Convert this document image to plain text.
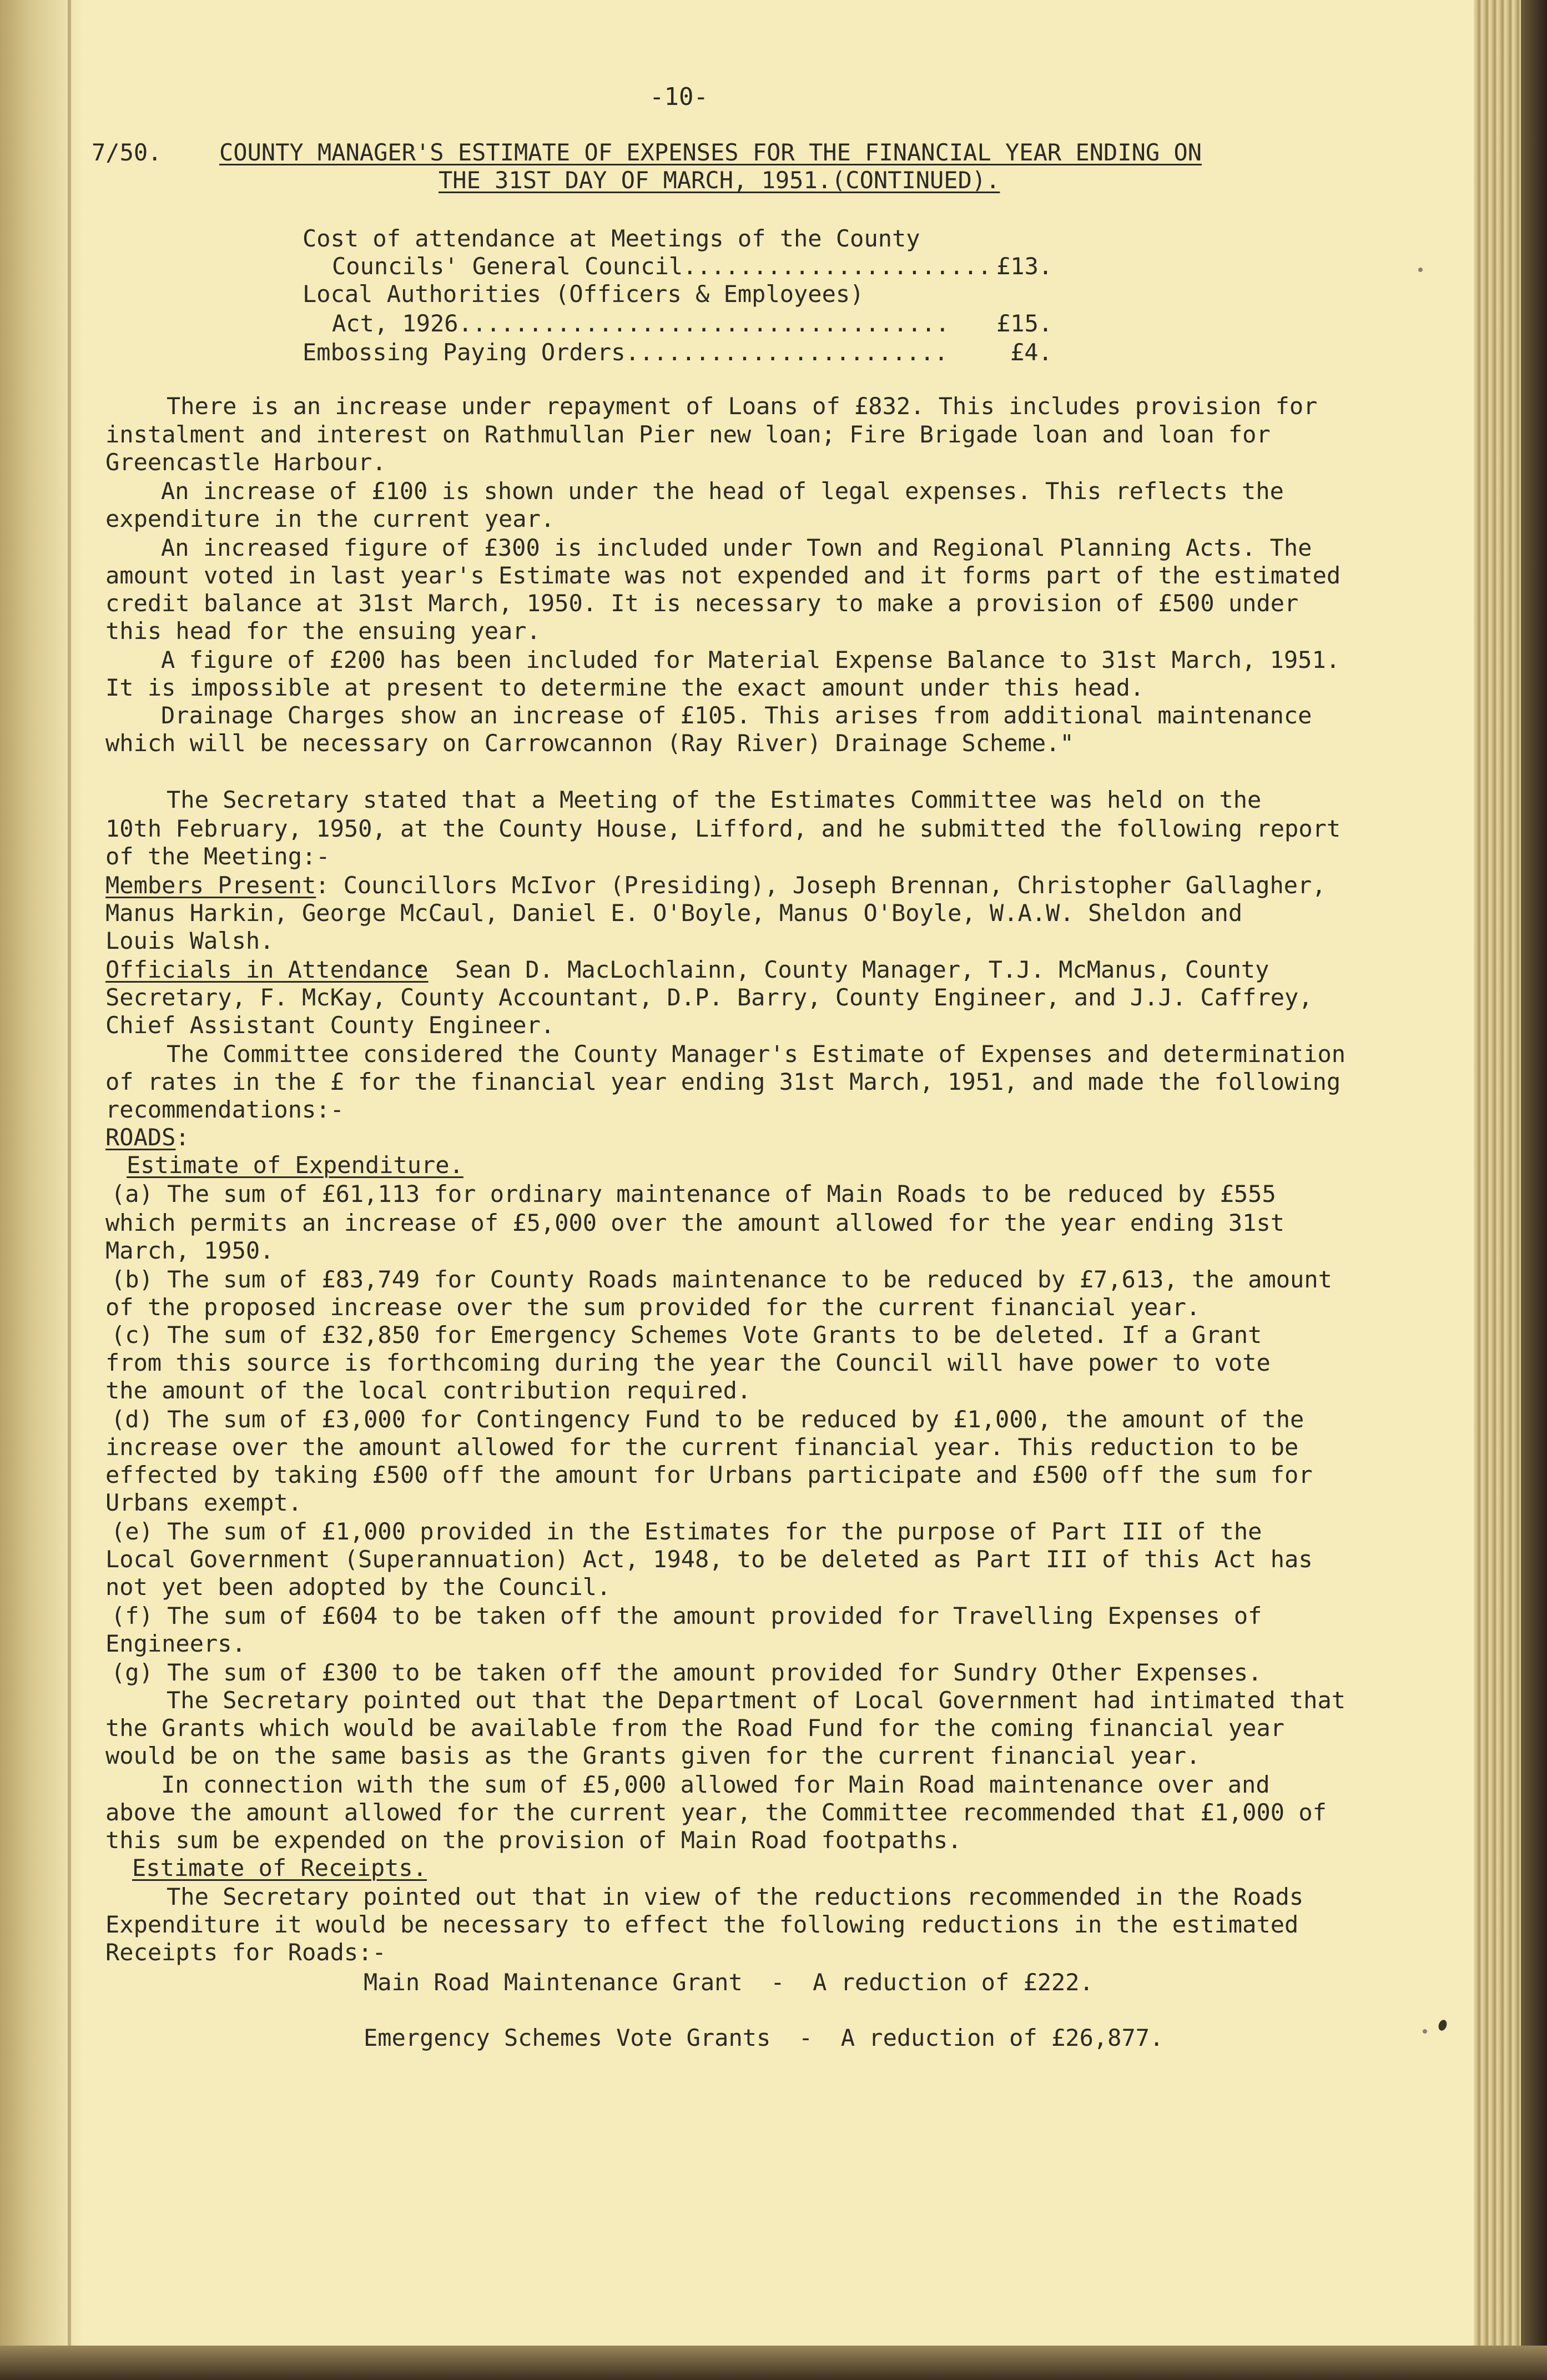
-10-
7/50. COUNTY MANAGER'S ESTIMATE OF EXPENSES FOR THE FINANCIAL YEAR ENDING ON
THE 31ST DAY OF MARCH, 1951.(CONTINUED).
Cost of attendance at Meetings of the County
Councils' General Council...................... £13.
Local Authorities (Officers & Employees)
Act, 1926................................... £15.
Embossing Paying Orders.......................	£4.
There is an increase under repayment of Loans of £832. This includes provision for
instalment and interest on Rathmullan Pier new loan; Fire Brigade loan and loan for
Greencastle Harbour.
An increase of £100 is shown under the head of legal expenses. This reflects the
expenditure in the current year.
An increased figure of £300 is included under Town and Regional Planning Acts. The
amount voted in last year's Estimate was not expended and it forms part of the estimated
credit balance at 31st March, 1950. It is necessary to make a provision of £500 under
this head for the ensuing year.
A figure of £200 has been included for Material Expense Balance to 31st March, 1951.
It is impossible at present to determine the exact amount under this head.
Drainage Charges show an increase of £105. This arises from additional maintenance
which will be necessary on Carrowcannon (Ray River) Drainage Scheme."
The Secretary stated that a Meeting of the Estimates Committee was held on the
10th February, 1950, at the County House, Lifford, and he submitted the following report
of the Meeting:-
Members Present
: Councillors McIvor (Presiding), Joseph Brennan, Christopher Gallagher,
Manus Harkin, George McCaul, Daniel E. O'Boyle, Manus O'Boyle, W.A.W. Sheldon and
Louis Walsh.
Officials in Attendance
:  Sean D. MacLochlainn, County Manager, T.J. McManus, County
Secretary, F. McKay, County Accountant, D.P. Barry, County Engineer, and J.J. Caffrey,
Chief Assistant County Engineer.
The Committee considered the County Manager's Estimate of Expenses and determination
of rates in the £ for the financial year ending 31st March, 1951, and made the following
recommendations:-
ROADS :
Estimate of Expenditure.
(a) The sum of £61,113 for ordinary maintenance of Main Roads to be reduced by £555
which permits an increase of £5,000 over the amount allowed for the year ending 31st
March, 1950.
(b) The sum of £83,749 for County Roads maintenance to be reduced by £7,613, the amount
of the proposed increase over the sum provided for the current financial year.
(c) The sum of £32,850 for Emergency Schemes Vote Grants to be deleted. If a Grant
from this source is forthcoming during the year the Council will have power to vote
the amount of the local contribution required.
(d) The sum of £3,000 for Contingency Fund to be reduced by £1,000, the amount of the
increase over the amount allowed for the current financial year. This reduction to be
effected by taking £500 off the amount for Urbans participate and £500 off the sum for
Urbans exempt.
(e) The sum of £1,000 provided in the Estimates for the purpose of Part III of the
Local Government (Superannuation) Act, 1948, to be deleted as Part III of this Act has
not yet been adopted by the Council.
(f) The sum of £604 to be taken off the amount provided for Travelling Expenses of
Engineers.
(g) The sum of £300 to be taken off the amount provided for Sundry Other Expenses.
The Secretary pointed out that the Department of Local Government had intimated that
the Grants which would be available from the Road Fund for the coming financial year
would be on the same basis as the Grants given for the current financial year.
In connection with the sum of £5,000 allowed for Main Road maintenance over and
above the amount allowed for the current year, the Committee recommended that £1,000 of
this sum be expended on the provision of Main Road footpaths.
Estimate of Receipts.
The Secretary pointed out that in view of the reductions recommended in the Roads
Expenditure it would be necessary to effect the following reductions in the estimated
Receipts for Roads:-
Main Road Maintenance Grant  -  A reduction of £222.
Emergency Schemes Vote Grants  -  A reduction of £26,877.
